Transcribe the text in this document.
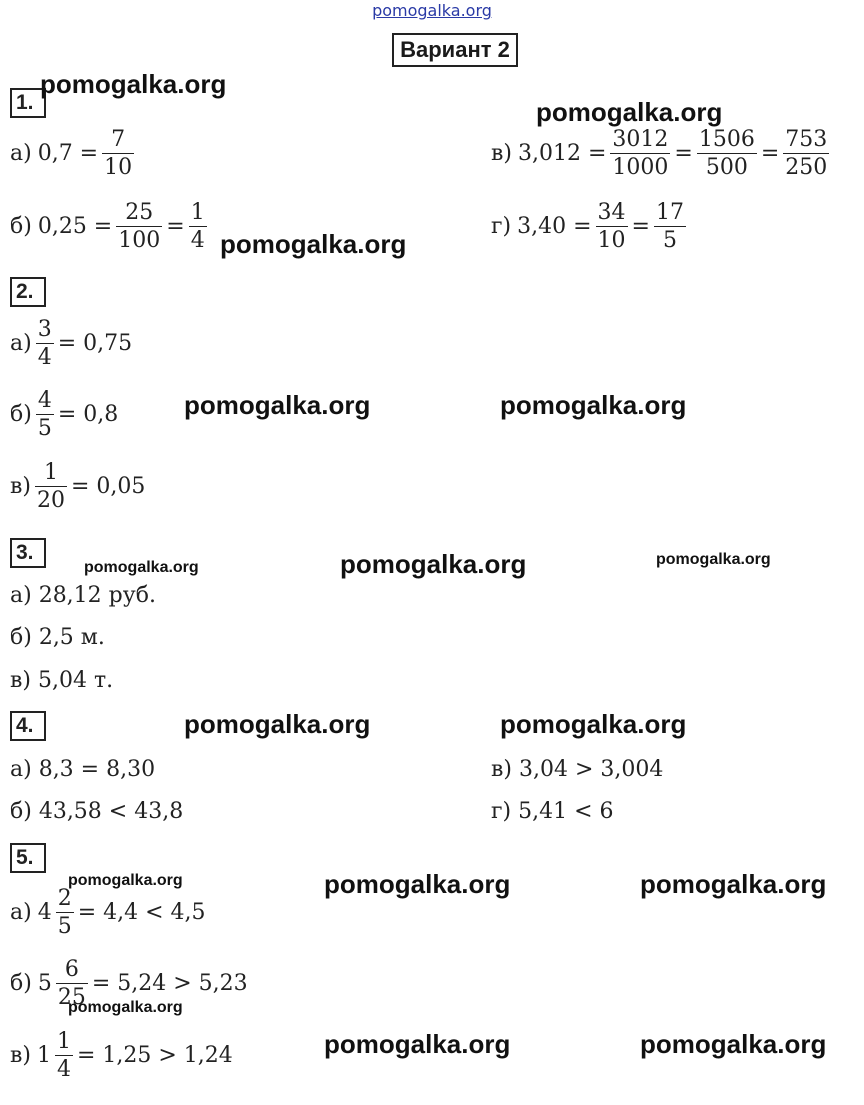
pomogalka.org
Вариант 2
1.
а) $0,7 = \frac{7}{10}$
б) $0,25 = \frac{25}{100} = \frac{1}{4}$
в) $3,012 = \frac{3012}{1000} = \frac{1506}{500} = \frac{753}{250}$
г) $3,40 = \frac{34}{10} = \frac{17}{5}$
2.
$а) \frac{3}{4} = 0,75$
$б) \frac{4}{5} = 0,8$
$в) \frac{1}{20} = 0,05$
3.
а) 28,12 руб.
б) 2,5 м.
в) 5,04 т.
4.
а) 8,3 = 8,30
б) 43,58 < 43,8
в) 3,04 > 3,004
г) 5,41 < 6
5.
а) $4 \frac{2}{5} = 4,4 < 4,5$
б) $5 \frac{6}{25} = 5,24 > 5,23$
в) $1 \frac{1}{4} = 1,25 > 1,24$
pomogalka.org
pomogalka.org
pomogalka.org
pomogalka.org	pomogalka.org
pomogalka.org	pomogalka.org	pomogalka.org
pomogalka.org	pomogalka.org
pomogalka.org	pomogalka.org	pomogalka.org
pomogalka.org
pomogalka.org	pomogalka.org
